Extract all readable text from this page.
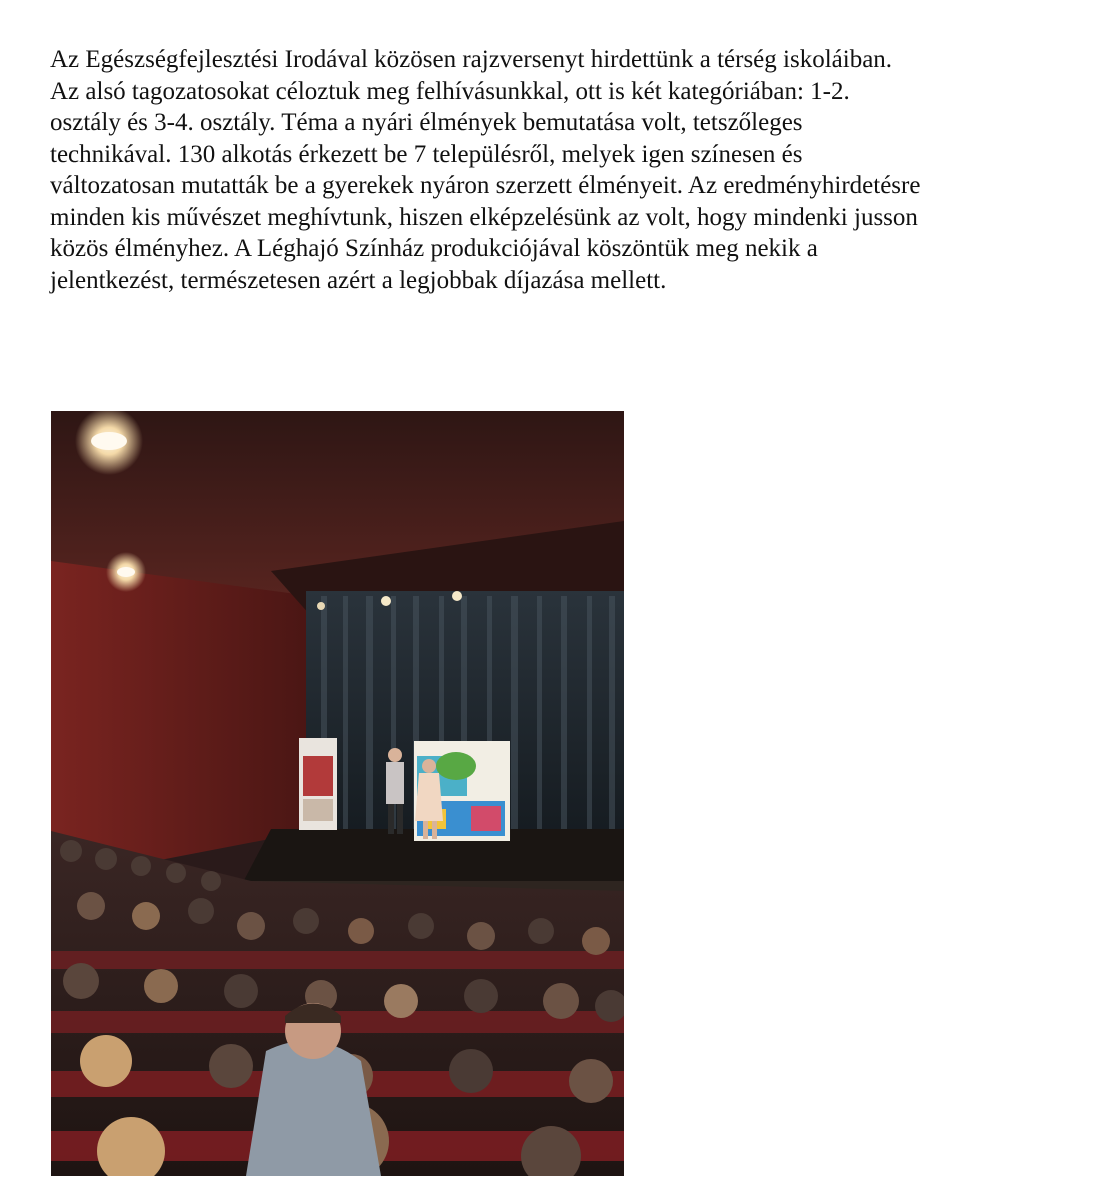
Az Egészségfejlesztési Irodával közösen rajzversenyt hirdettünk a térség iskoláiban.
Az alsó tagozatosokat céloztuk meg felhívásunkkal, ott is két kategóriában: 1-2.
osztály és 3-4. osztály. Téma a nyári élmények bemutatása volt, tetszőleges
technikával. 130 alkotás érkezett be 7 településről, melyek igen színesen és
változatosan mutatták be a gyerekek nyáron szerzett élményeit. Az eredményhirdetésre
minden kis művészet meghívtunk, hiszen elképzelésünk az volt, hogy mindenki jusson
közös élményhez. A Léghajó Színház produkciójával köszöntük meg nekik a
jelentkezést, természetesen azért a legjobbak díjazása mellett.
